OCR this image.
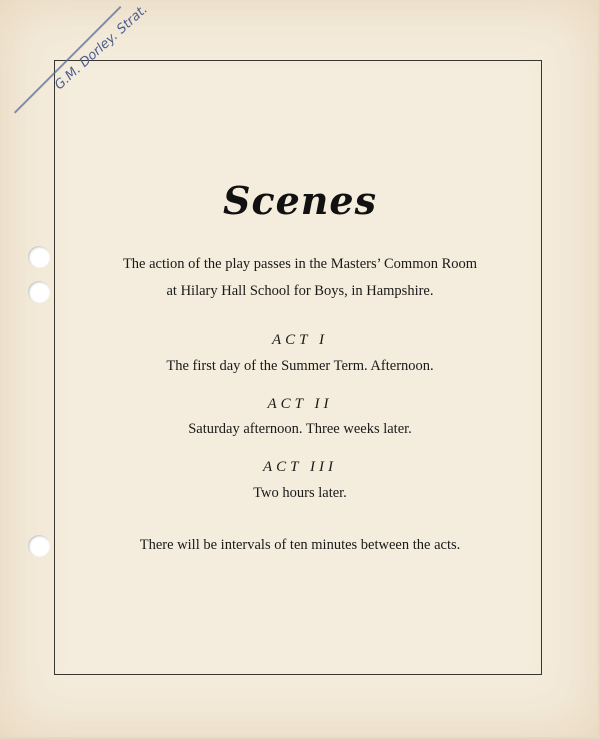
G.M. Dorley. Strat.
Scenes
The action of the play passes in the Masters’ Common Room
at Hilary Hall School for Boys, in Hampshire.
ACT I
The first day of the Summer Term. Afternoon.
ACT II
Saturday afternoon. Three weeks later.
ACT III
Two hours later.
There will be intervals of ten minutes between the acts.
